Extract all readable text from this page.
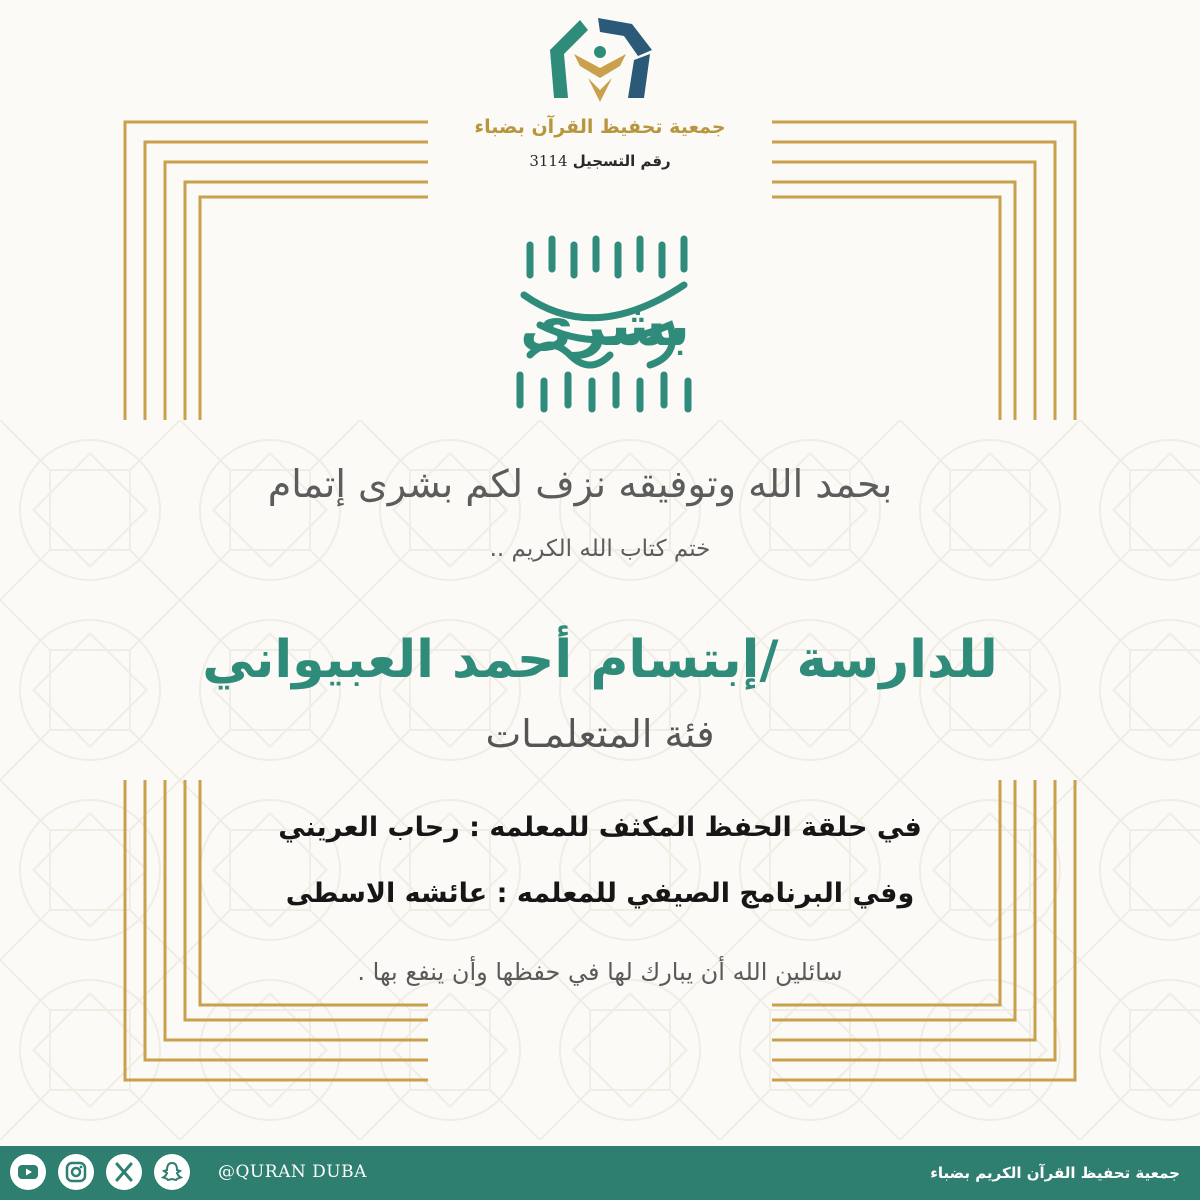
جمعية تحفيظ القرآن بضباء

رقم التسجيل 3114
بشرى

بحمد الله وتوفيقه نزف لكم بشرى إتمام

ختم كتاب الله الكريم ..

للدارسة /إبتسام أحمد العبيواني

فئة المتعلمـات

في حلقة الحفظ المكثف للمعلمه : رحاب العريني

وفي البرنامج الصيفي للمعلمه : عائشه الاسطى

سائلين الله أن يبارك لها في حفظها وأن ينفع بها .

@QURAN DUBA	جمعية تحفيظ القرآن الكريم بضباء
